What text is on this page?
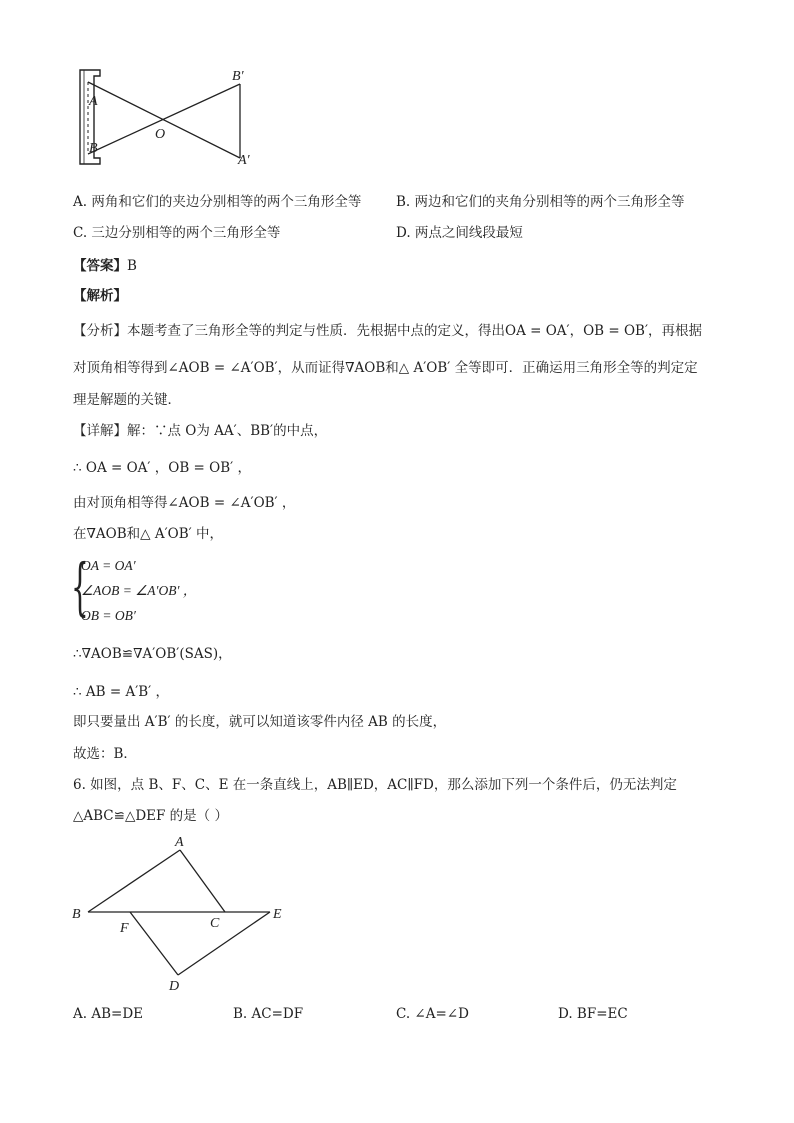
A
B
O
B′
A′
A. 两角和它们的夹边分别相等的两个三角形全等	B. 两边和它们的夹角分别相等的两个三角形全等
C. 三边分别相等的两个三角形全等	D. 两点之间线段最短
【答案】B
【解析】
【分析】本题考查了三角形全等的判定与性质．先根据中点的定义，得出OA = OA′，OB = OB′，再根据
对顶角相等得到∠AOB = ∠A′OB′，从而证得∇AOB和△ A′OB′ 全等即可．正确运用三角形全等的判定定
理是解题的关键．
【详解】解：∵点 O为 AA′、BB′的中点，
∴ OA = OA′ ，OB = OB′ ，
由对顶角相等得∠AOB = ∠A′OB′ ，
在∇AOB和△ A′OB′ 中，
{
OA = OA′
∠AOB = ∠A′OB′ ，
OB = OB′
∴∇AOB≌∇A′OB′(SAS)，
∴ AB = A′B′ ，
即只要量出 A′B′ 的长度，就可以知道该零件内径 AB 的长度，
故选：B．
6. 如图，点 B、F、C、E 在一条直线上，AB∥ED，AC∥FD，那么添加下列一个条件后，仍无法判定
△ABC≌△DEF 的是（ ）
A
B
F	C
E
D
A. AB=DE	B. AC=DF	C. ∠A=∠D	D. BF=EC
